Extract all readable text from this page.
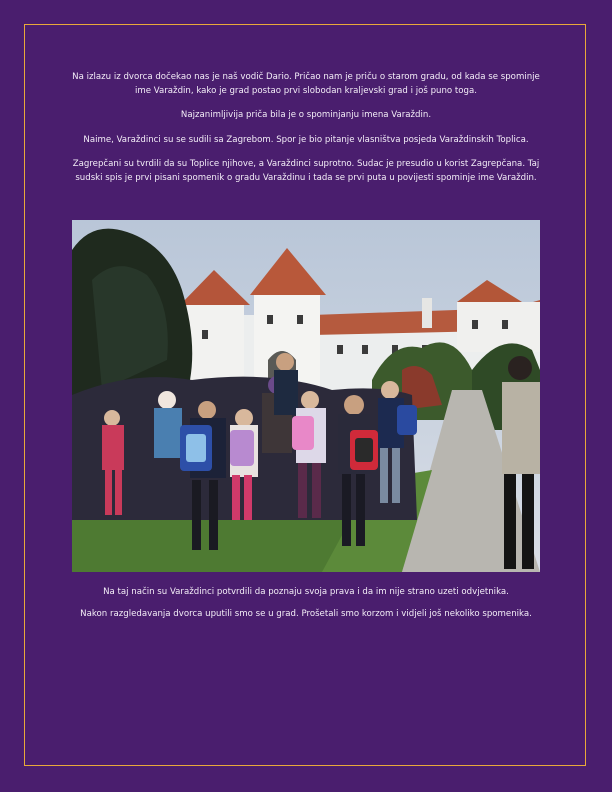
Na izlazu iz dvorca dočekao nas je naš vodič Dario. Pričao nam je priču o starom gradu, od kada se spominje ime Varaždin, kako je grad postao prvi slobodan kraljevski grad i još puno toga.

Najzanimljivija priča bila je o spominjanju imena Varaždin.

Naime, Varaždinci su se sudili sa Zagrebom. Spor je bio pitanje vlasništva posjeda Varaždinskih Toplica.

Zagrepčani su tvrdili da su Toplice njihove, a Varaždinci suprotno. Sudac je presudio u korist Zagrepčana. Taj sudski spis je prvi pisani spomenik o gradu Varaždinu i tada se prvi puta u povijesti spominje ime Varaždin.

Na taj način su Varaždinci potvrdili da poznaju svoja prava i da im nije strano uzeti odvjetnika.

Nakon razgledavanja dvorca uputili smo se u grad. Prošetali smo korzom i vidjeli još nekoliko spomenika.
